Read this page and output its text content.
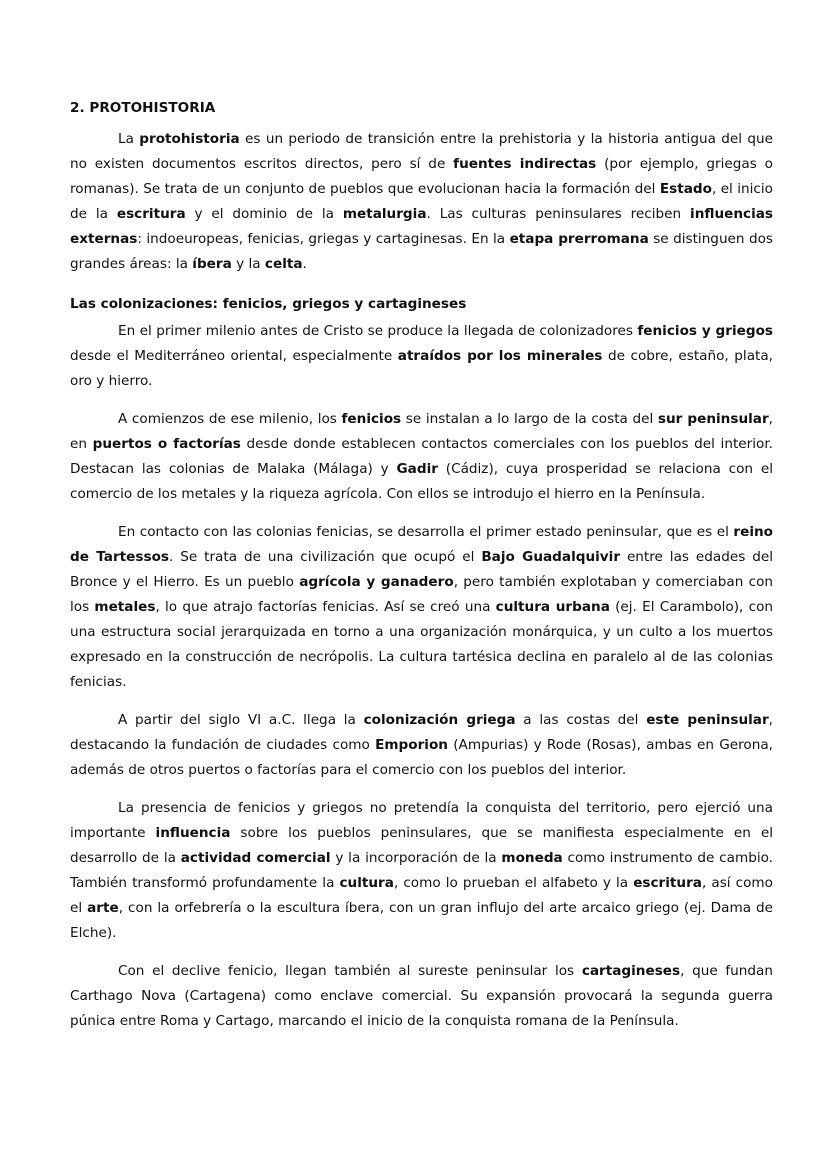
2. PROTOHISTORIA

La protohistoria es un periodo de transición entre la prehistoria y la historia antigua del que no existen documentos escritos directos, pero sí de fuentes indirectas (por ejemplo, griegas o romanas). Se trata de un conjunto de pueblos que evolucionan hacia la formación del Estado, el inicio de la escritura y el dominio de la metalurgia. Las culturas peninsulares reciben influencias externas: indoeuropeas, fenicias, griegas y cartaginesas. En la etapa prerromana se distinguen dos grandes áreas: la íbera y la celta.

Las colonizaciones: fenicios, griegos y cartagineses

En el primer milenio antes de Cristo se produce la llegada de colonizadores fenicios y griegos desde el Mediterráneo oriental, especialmente atraídos por los minerales de cobre, estaño, plata, oro y hierro.

A comienzos de ese milenio, los fenicios se instalan a lo largo de la costa del sur peninsular, en puertos o factorías desde donde establecen contactos comerciales con los pueblos del interior. Destacan las colonias de Malaka (Málaga) y Gadir (Cádiz), cuya prosperidad se relaciona con el comercio de los metales y la riqueza agrícola. Con ellos se introdujo el hierro en la Península.

En contacto con las colonias fenicias, se desarrolla el primer estado peninsular, que es el reino de Tartessos. Se trata de una civilización que ocupó el Bajo Guadalquivir entre las edades del Bronce y el Hierro. Es un pueblo agrícola y ganadero, pero también explotaban y comerciaban con los metales, lo que atrajo factorías fenicias. Así se creó una cultura urbana (ej. El Carambolo), con una estructura social jerarquizada en torno a una organización monárquica, y un culto a los muertos expresado en la construcción de necrópolis. La cultura tartésica declina en paralelo al de las colonias fenicias.

A partir del siglo VI a.C. llega la colonización griega a las costas del este peninsular, destacando la fundación de ciudades como Emporion (Ampurias) y Rode (Rosas), ambas en Gerona, además de otros puertos o factorías para el comercio con los pueblos del interior.

La presencia de fenicios y griegos no pretendía la conquista del territorio, pero ejerció una importante influencia sobre los pueblos peninsulares, que se manifiesta especialmente en el desarrollo de la actividad comercial y la incorporación de la moneda como instrumento de cambio. También transformó profundamente la cultura, como lo prueban el alfabeto y la escritura, así como el arte, con la orfebrería o la escultura íbera, con un gran influjo del arte arcaico griego (ej. Dama de Elche).

Con el declive fenicio, llegan también al sureste peninsular los cartagineses, que fundan Carthago Nova (Cartagena) como enclave comercial. Su expansión provocará la segunda guerra púnica entre Roma y Cartago, marcando el inicio de la conquista romana de la Península.
